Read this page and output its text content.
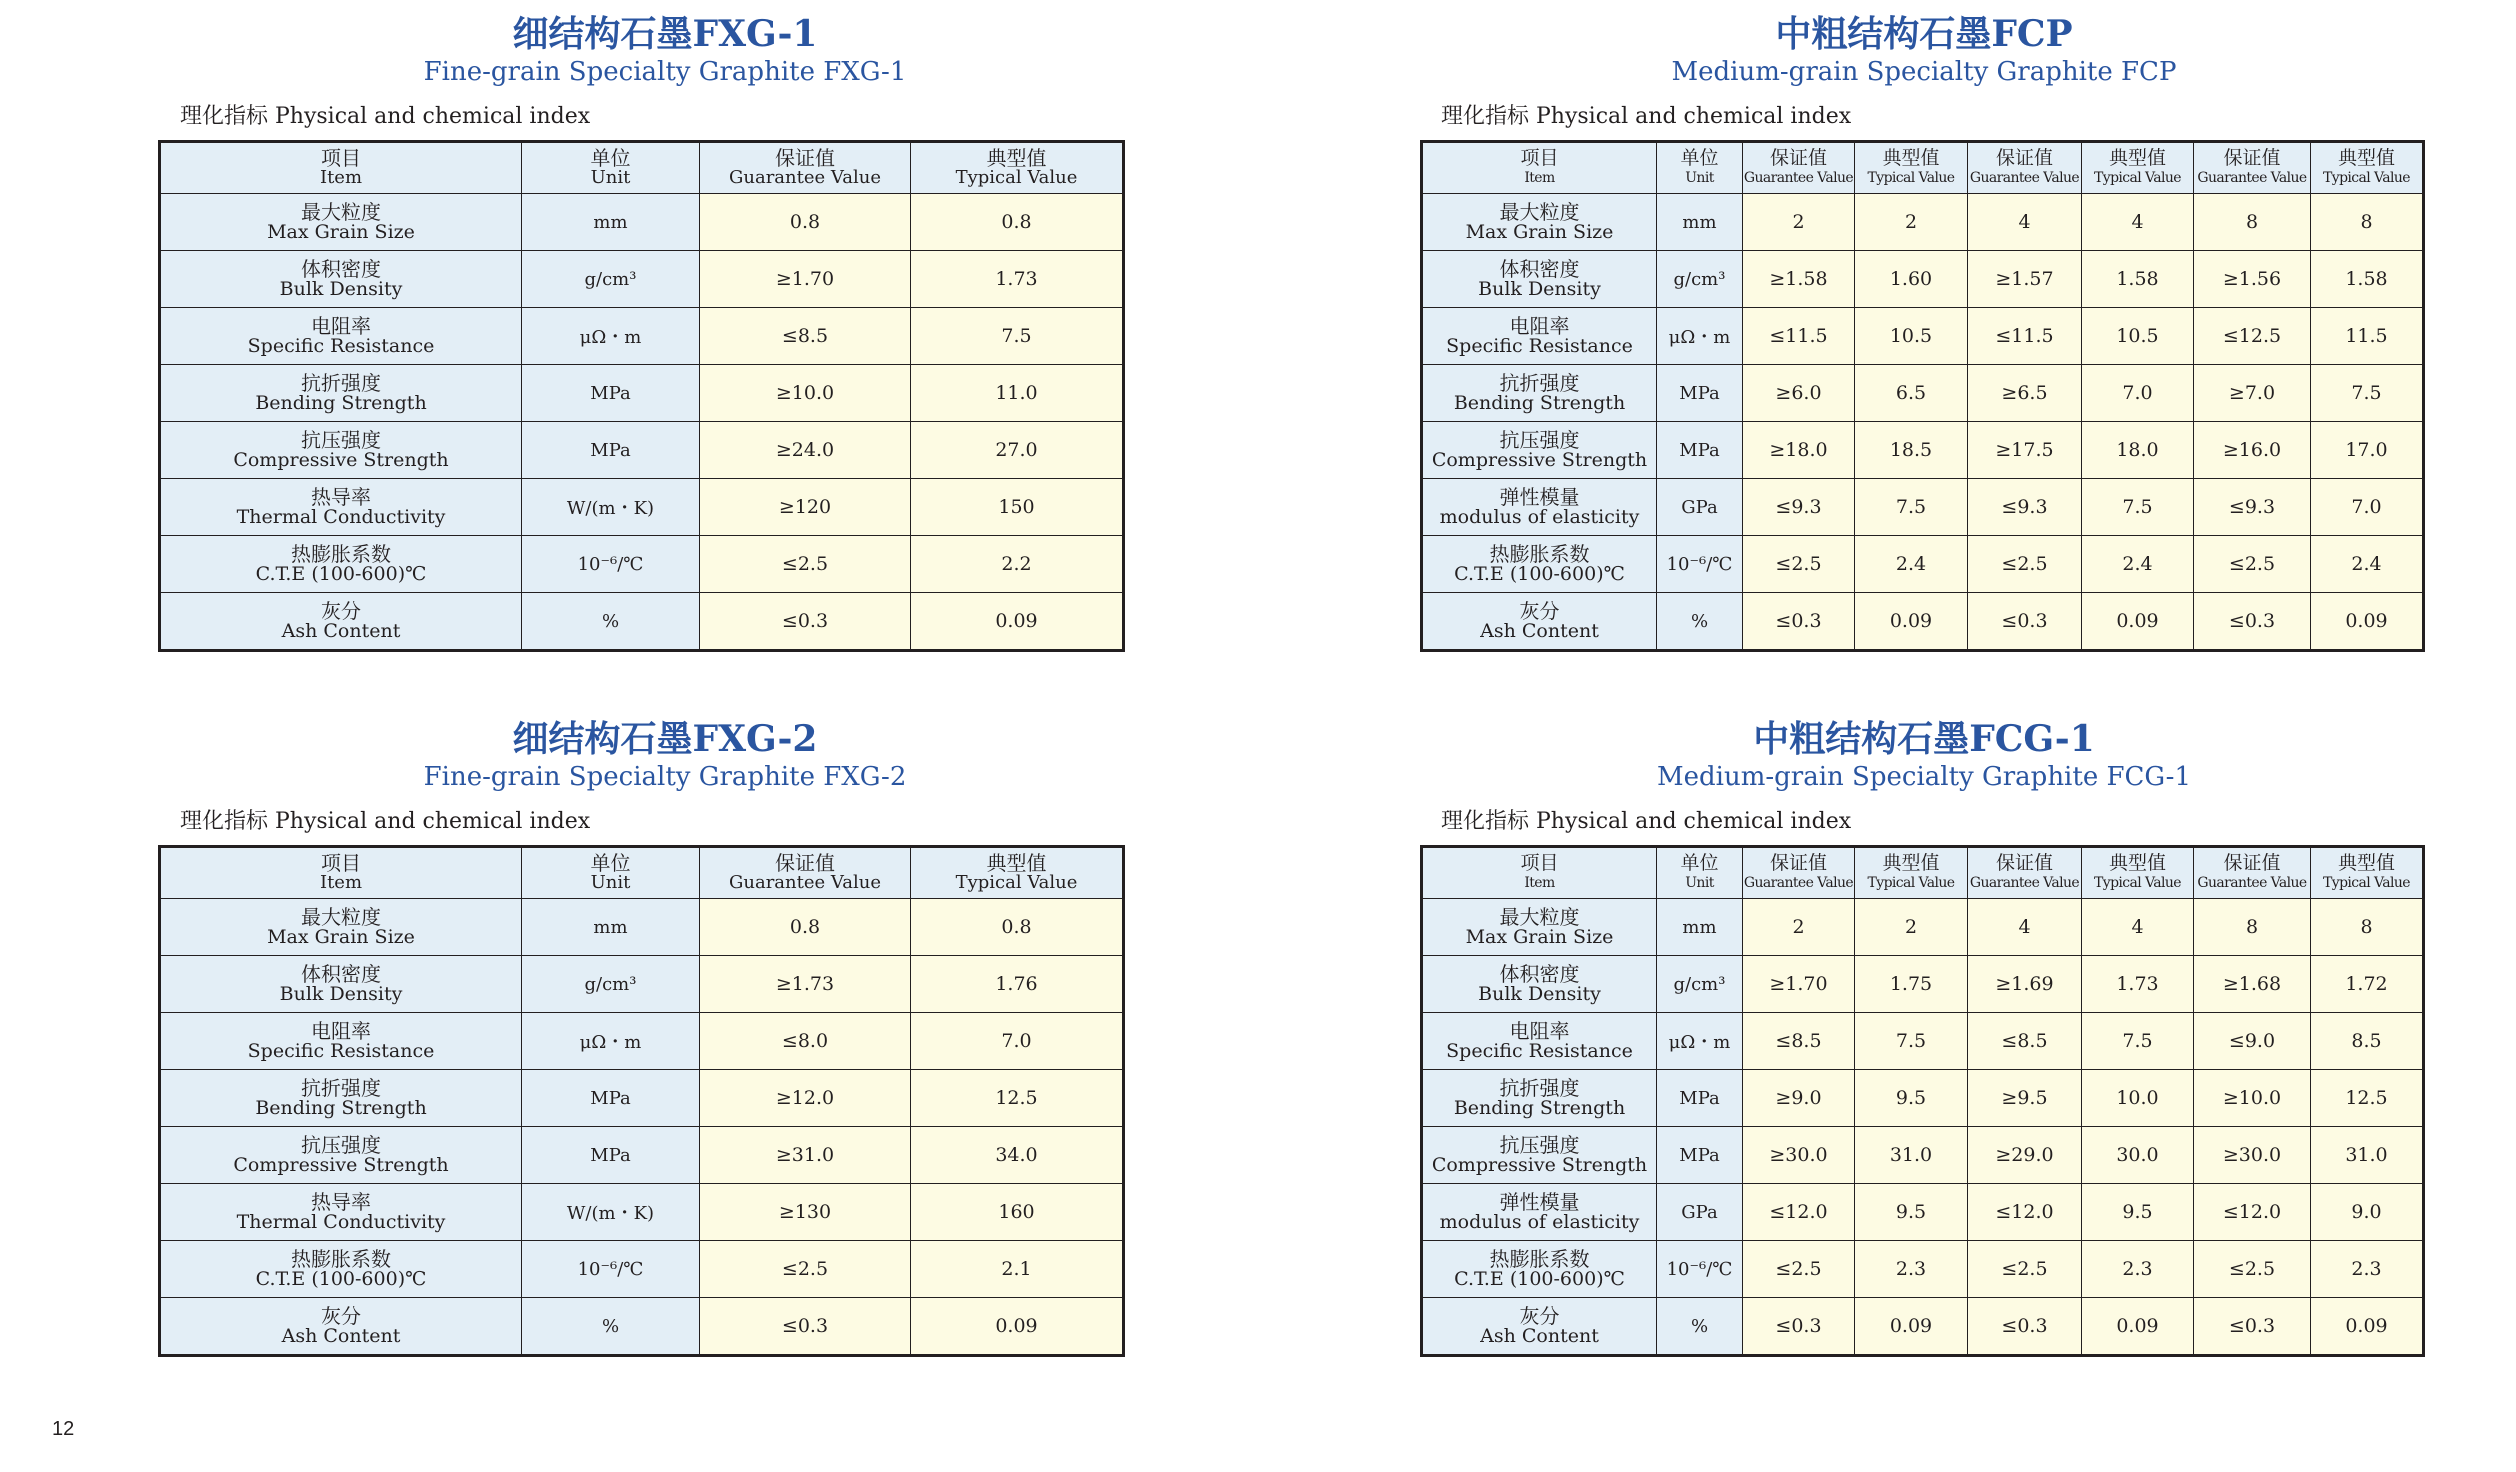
细结构石墨FXG-1
Fine-grain Specialty Graphite FXG-1
理化指标 Physical and chemical index
项目
Item	单位
Unit	保证值
Guarantee Value	典型值
Typical Value

最大粒度
Max Grain Size	mm	0.8	0.8

体积密度
Bulk Density	g/cm³	≥1.70	1.73

电阻率
Specific Resistance	μΩ・m	≤8.5	7.5

抗折强度
Bending Strength	MPa	≥10.0	11.0

抗压强度
Compressive Strength	MPa	≥24.0	27.0

热导率
Thermal Conductivity	W/(m・K)	≥120	150

热膨胀系数
C.T.E (100-600)℃	10⁻⁶/℃	≤2.5	2.2

灰分
Ash Content	%	≤0.3	0.09
中粗结构石墨FCP
Medium-grain Specialty Graphite FCP
理化指标 Physical and chemical index
项目
Item	单位
Unit	保证值
Guarantee Value	典型值
Typical Value	保证值
Guarantee Value	典型值
Typical Value	保证值
Guarantee Value	典型值
Typical Value

最大粒度
Max Grain Size	mm	2	2	4	4	8	8

体积密度
Bulk Density	g/cm³	≥1.58	1.60	≥1.57	1.58	≥1.56	1.58

电阻率
Specific Resistance	μΩ・m	≤11.5	10.5	≤11.5	10.5	≤12.5	11.5

抗折强度
Bending Strength	MPa	≥6.0	6.5	≥6.5	7.0	≥7.0	7.5

抗压强度
Compressive Strength	MPa	≥18.0	18.5	≥17.5	18.0	≥16.0	17.0

弹性模量
modulus of elasticity	GPa	≤9.3	7.5	≤9.3	7.5	≤9.3	7.0

热膨胀系数
C.T.E (100-600)℃	10⁻⁶/℃	≤2.5	2.4	≤2.5	2.4	≤2.5	2.4

灰分
Ash Content	%	≤0.3	0.09	≤0.3	0.09	≤0.3	0.09
细结构石墨FXG-2
Fine-grain Specialty Graphite FXG-2
理化指标 Physical and chemical index
项目
Item	单位
Unit	保证值
Guarantee Value	典型值
Typical Value

最大粒度
Max Grain Size	mm	0.8	0.8

体积密度
Bulk Density	g/cm³	≥1.73	1.76

电阻率
Specific Resistance	μΩ・m	≤8.0	7.0

抗折强度
Bending Strength	MPa	≥12.0	12.5

抗压强度
Compressive Strength	MPa	≥31.0	34.0

热导率
Thermal Conductivity	W/(m・K)	≥130	160

热膨胀系数
C.T.E (100-600)℃	10⁻⁶/℃	≤2.5	2.1

灰分
Ash Content	%	≤0.3	0.09
中粗结构石墨FCG-1
Medium-grain Specialty Graphite FCG-1
理化指标 Physical and chemical index
项目
Item	单位
Unit	保证值
Guarantee Value	典型值
Typical Value	保证值
Guarantee Value	典型值
Typical Value	保证值
Guarantee Value	典型值
Typical Value

最大粒度
Max Grain Size	mm	2	2	4	4	8	8

体积密度
Bulk Density	g/cm³	≥1.70	1.75	≥1.69	1.73	≥1.68	1.72

电阻率
Specific Resistance	μΩ・m	≤8.5	7.5	≤8.5	7.5	≤9.0	8.5

抗折强度
Bending Strength	MPa	≥9.0	9.5	≥9.5	10.0	≥10.0	12.5

抗压强度
Compressive Strength	MPa	≥30.0	31.0	≥29.0	30.0	≥30.0	31.0

弹性模量
modulus of elasticity	GPa	≤12.0	9.5	≤12.0	9.5	≤12.0	9.0

热膨胀系数
C.T.E (100-600)℃	10⁻⁶/℃	≤2.5	2.3	≤2.5	2.3	≤2.5	2.3

灰分
Ash Content	%	≤0.3	0.09	≤0.3	0.09	≤0.3	0.09
12
